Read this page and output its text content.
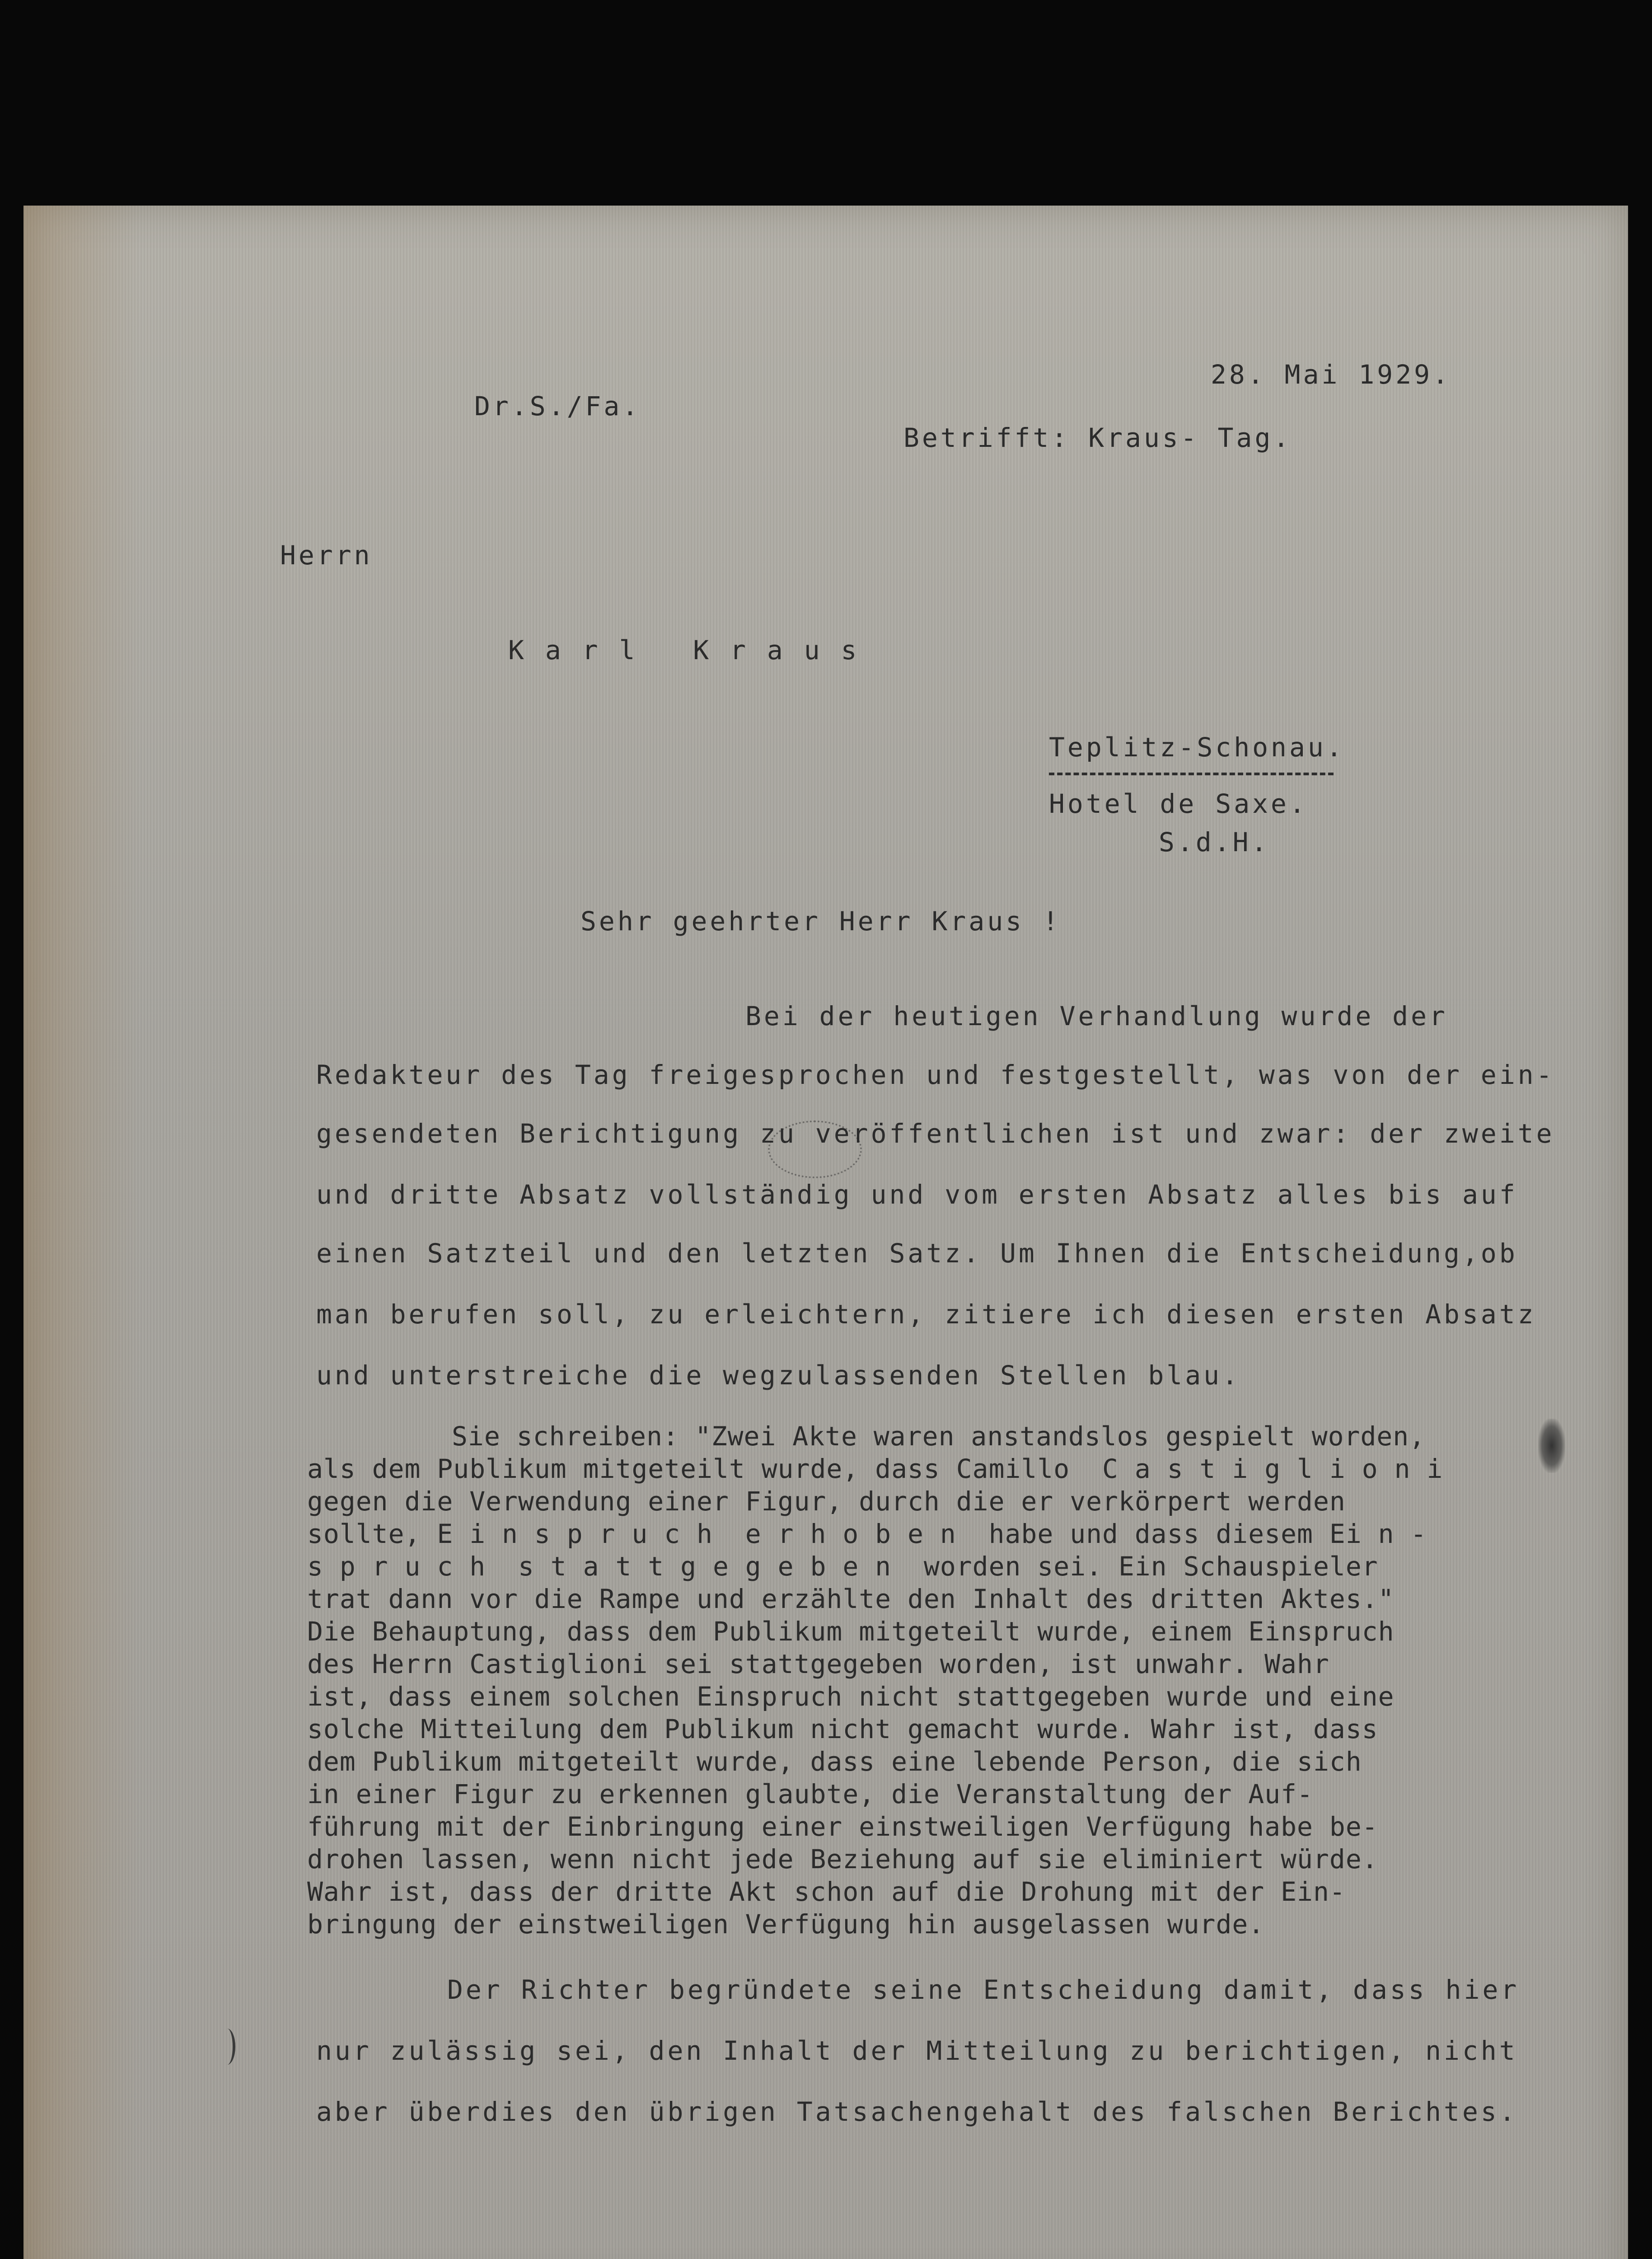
28. Mai 1929.
Dr.S./Fa.
Betrifft: Kraus- Tag.
Herrn
K a r l   K r a u s
Teplitz-Schonau.
Hotel de Saxe.
S.d.H.
Sehr geehrter Herr Kraus !
Bei der heutigen Verhandlung wurde der
Redakteur des Tag freigesprochen und festgestellt, was von der ein-
gesendeten Berichtigung zu veröffentlichen ist und zwar: der zweite
und dritte Absatz vollständig und vom ersten Absatz alles bis auf
einen Satzteil und den letzten Satz. Um Ihnen die Entscheidung,ob
man berufen soll, zu erleichtern, zitiere ich diesen ersten Absatz
und unterstreiche die wegzulassenden Stellen blau.
Sie schreiben: "Zwei Akte waren anstandslos gespielt worden,
als dem Publikum mitgeteilt wurde, dass Camillo  C a s t i g l i o n i
gegen die Verwendung einer Figur, durch die er verkörpert werden
sollte, E i n s p r u c h  e r h o b e n  habe und dass diesem Ei n -
s p r u c h  s t a t t g e g e b e n  worden sei. Ein Schauspieler
trat dann vor die Rampe und erzählte den Inhalt des dritten Aktes."
Die Behauptung, dass dem Publikum mitgeteilt wurde, einem Einspruch
des Herrn Castiglioni sei stattgegeben worden, ist unwahr. Wahr
ist, dass einem solchen Einspruch nicht stattgegeben wurde und eine
solche Mitteilung dem Publikum nicht gemacht wurde. Wahr ist, dass
dem Publikum mitgeteilt wurde, dass eine lebende Person, die sich
in einer Figur zu erkennen glaubte, die Veranstaltung der Auf-
führung mit der Einbringung einer einstweiligen Verfügung habe be-
drohen lassen, wenn nicht jede Beziehung auf sie eliminiert würde.
Wahr ist, dass der dritte Akt schon auf die Drohung mit der Ein-
bringung der einstweiligen Verfügung hin ausgelassen wurde.
Der Richter begründete seine Entscheidung damit, dass hier
nur zulässig sei, den Inhalt der Mitteilung zu berichtigen, nicht
aber überdies den übrigen Tatsachengehalt des falschen Berichtes.
